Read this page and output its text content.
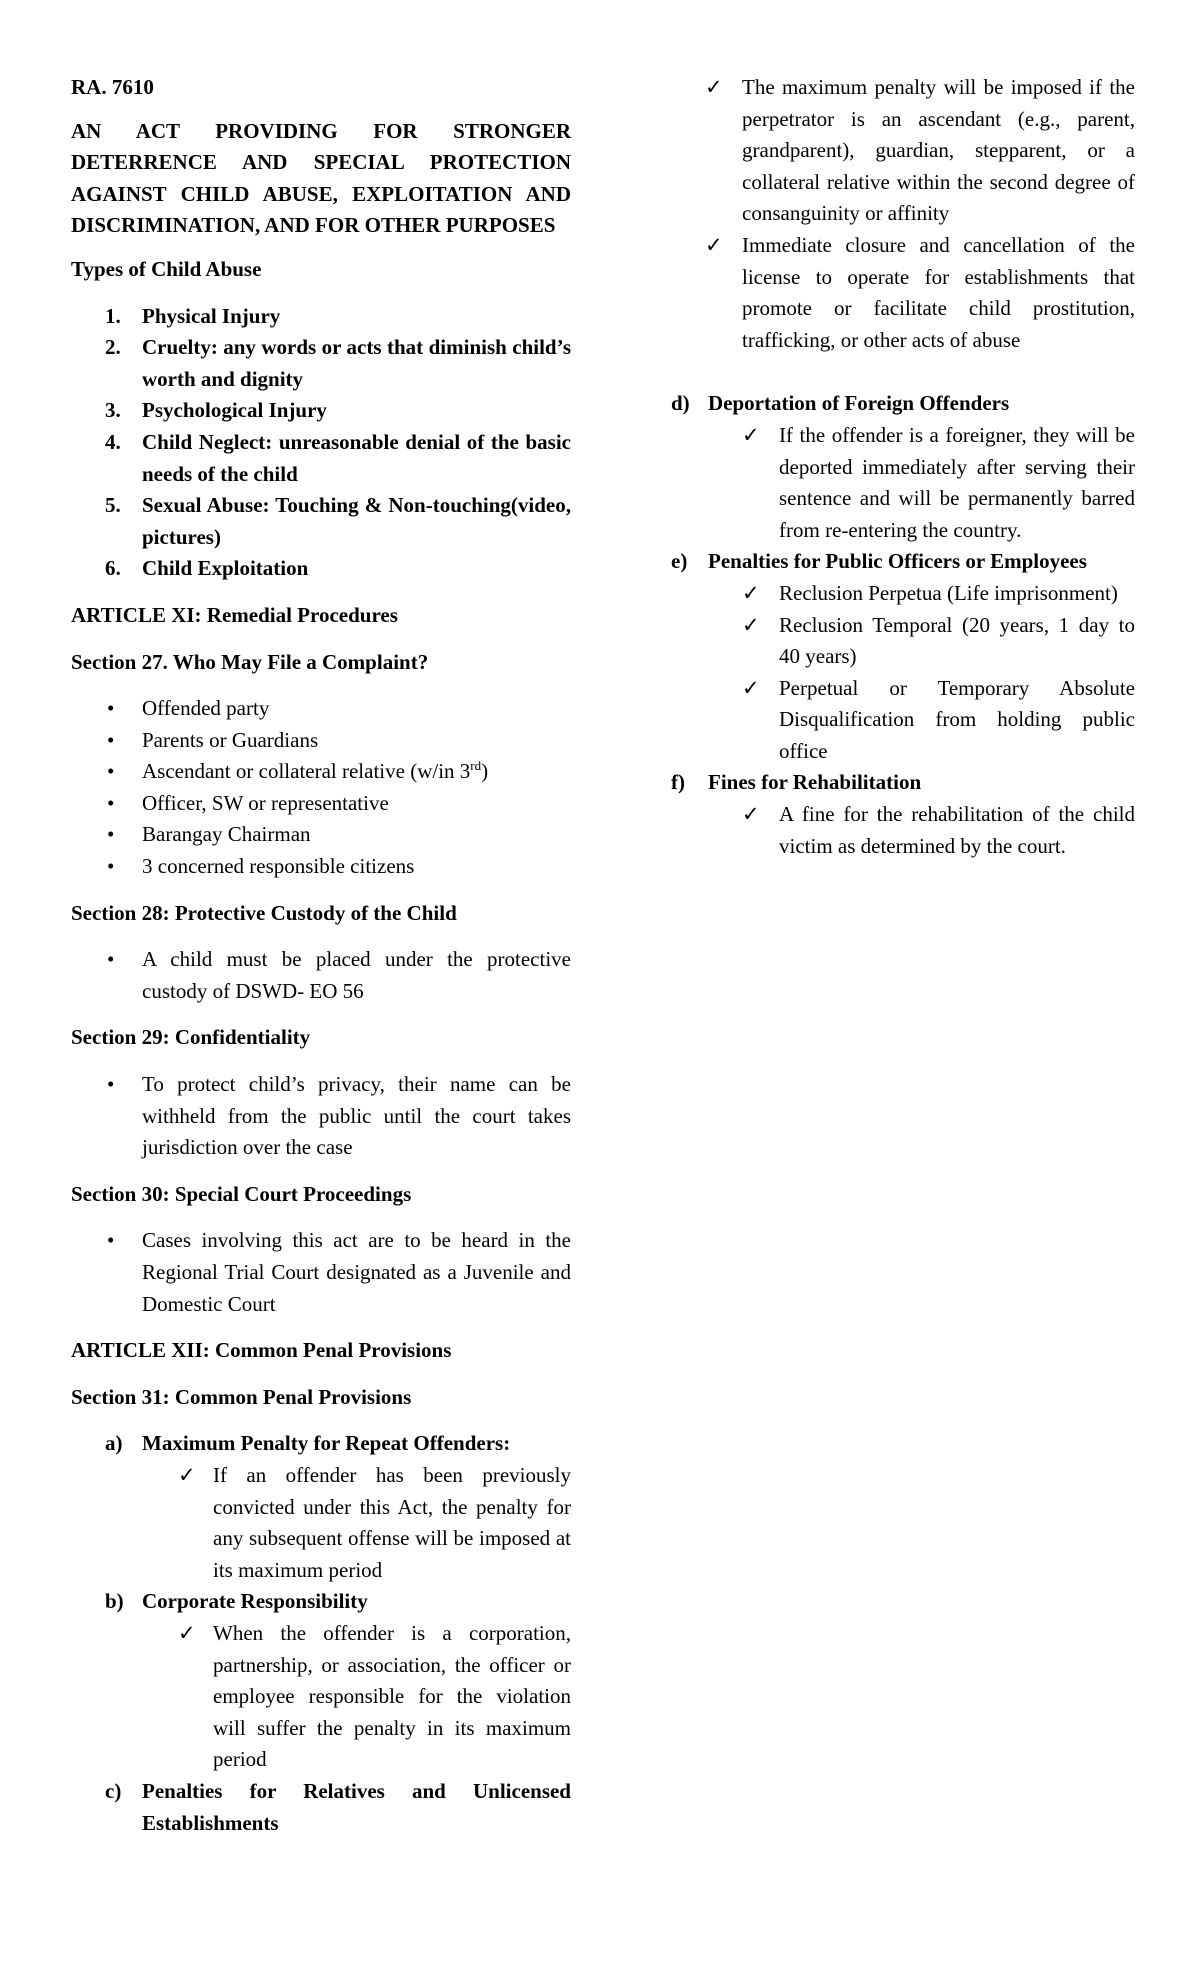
RA. 7610

AN ACT PROVIDING FOR STRONGER DETERRENCE AND SPECIAL PROTECTION AGAINST CHILD ABUSE, EXPLOITATION AND DISCRIMINATION, AND FOR OTHER PURPOSES

Types of Child Abuse

1. Physical Injury
2. Cruelty: any words or acts that diminish child’s worth and dignity
3. Psychological Injury
4. Child Neglect: unreasonable denial of the basic needs of the child
5. Sexual Abuse: Touching & Non-touching(video, pictures)
6. Child Exploitation

ARTICLE XI: Remedial Procedures

Section 27. Who May File a Complaint?

• Offended party
• Parents or Guardians
• Ascendant or collateral relative (w/in 3rd)
• Officer, SW or representative
• Barangay Chairman
• 3 concerned responsible citizens

Section 28: Protective Custody of the Child

• A child must be placed under the protective custody of DSWD- EO 56

Section 29: Confidentiality

• To protect child’s privacy, their name can be withheld from the public until the court takes jurisdiction over the case

Section 30: Special Court Proceedings

• Cases involving this act are to be heard in the Regional Trial Court designated as a Juvenile and Domestic Court

ARTICLE XII: Common Penal Provisions

Section 31: Common Penal Provisions

a) Maximum Penalty for Repeat Offenders:
✓ If an offender has been previously convicted under this Act, the penalty for any subsequent offense will be imposed at its maximum period
b) Corporate Responsibility
✓ When the offender is a corporation, partnership, or association, the officer or employee responsible for the violation will suffer the penalty in its maximum period
c) Penalties for Relatives and Unlicensed Establishments
✓ The maximum penalty will be imposed if the perpetrator is an ascendant (e.g., parent, grandparent), guardian, stepparent, or a collateral relative within the second degree of consanguinity or affinity
✓ Immediate closure and cancellation of the license to operate for establishments that promote or facilitate child prostitution, trafficking, or other acts of abuse
d) Deportation of Foreign Offenders
✓ If the offender is a foreigner, they will be deported immediately after serving their sentence and will be permanently barred from re-entering the country.
e) Penalties for Public Officers or Employees
✓ Reclusion Perpetua (Life imprisonment)
✓ Reclusion Temporal (20 years, 1 day to 40 years)
✓ Perpetual or Temporary Absolute Disqualification from holding public office
f) Fines for Rehabilitation
✓ A fine for the rehabilitation of the child victim as determined by the court.
